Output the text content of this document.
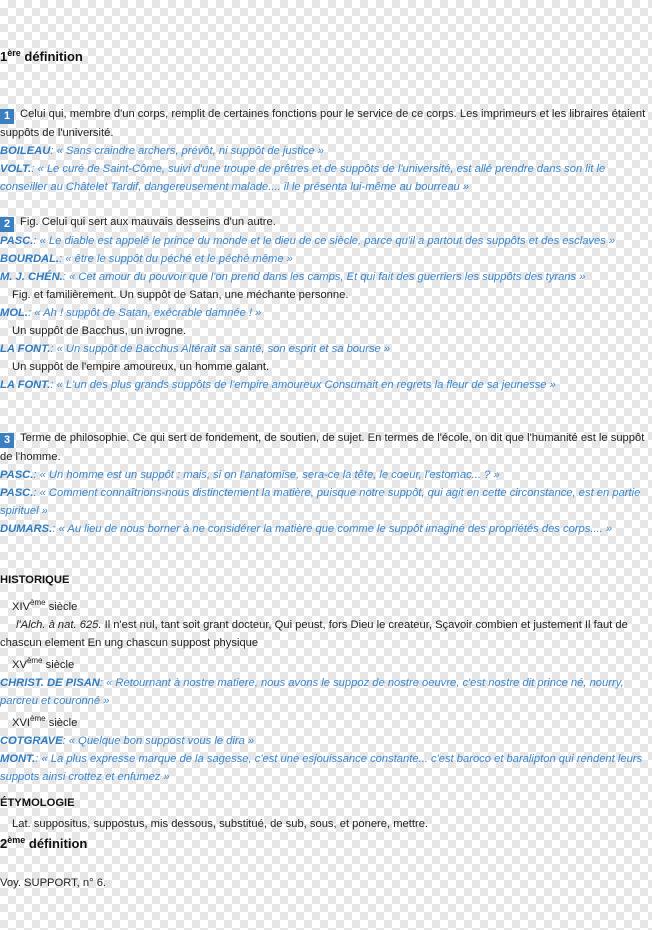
1ère définition
1 Celui qui, membre d'un corps, remplit de certaines fonctions pour le service de ce corps. Les imprimeurs et les libraires étaient suppôts de l'université.
BOILEAU: « Sans craindre archers, prévôt, ni suppôt de justice »
VOLT.: « Le curé de Saint-Côme, suivi d'une troupe de prêtres et de suppôts de l'université, est allé prendre dans son lit le conseiller au Châtelet Tardif, dangereusement malade.... il le présenta lui-même au bourreau »
2 Fig. Celui qui sert aux mauvais desseins d'un autre.
PASC.: « Le diable est appelé le prince du monde et le dieu de ce siècle, parce qu'il a partout des suppôts et des esclaves »
BOURDAL.: « être le suppôt du péché et le péché même »
M. J. CHÉN.: « Cet amour du pouvoir que l'on prend dans les camps, Et qui fait des guerriers les suppôts des tyrans »
Fig. et familièrement. Un suppôt de Satan, une méchante personne.
MOL.: « Ah ! suppôt de Satan, exécrable damnée ! »
Un suppôt de Bacchus, un ivrogne.
LA FONT.: « Un suppôt de Bacchus Altérait sa santé, son esprit et sa bourse »
Un suppôt de l'empire amoureux, un homme galant.
LA FONT.: « L'un des plus grands suppôts de l'empire amoureux Consumait en regrets la fleur de sa jeunesse »
3 Terme de philosophie. Ce qui sert de fondement, de soutien, de sujet. En termes de l'école, on dit que l'humanité est le suppôt de l'homme.
PASC.: « Un homme est un suppôt : mais, si on l'anatomise, sera-ce la tête, le coeur, l'estomac... ? »
PASC.: « Comment connaîtrions-nous distinctement la matière, puisque notre suppôt, qui agit en cette circonstance, est en partie spirituel »
DUMARS.: « Au lieu de nous borner à ne considérer la matière que comme le suppôt imaginé des propriétés des corps.... »
HISTORIQUE
XIVème siècle
l'Alch. à nat. 625. Il n'est nul, tant soit grant docteur, Qui peust, fors Dieu le createur, Sçavoir combien et justement Il faut de chascun element En ung chascun suppost physique
XVème siècle
CHRIST. DE PISAN: « Retournant à nostre matiere, nous avons le suppoz de nostre oeuvre, c'est nostre dit prince né, nourry, parcreu et couronné »
XVIème siècle
COTGRAVE: « Quelque bon suppost vous le dira »
MONT.: « La plus expresse marque de la sagesse, c'est une esjouissance constante... c'est baroco et baralipton qui rendent leurs suppots ainsi crottez et enfumez »
ÉTYMOLOGIE
Lat. suppositus, suppostus, mis dessous, substitué, de sub, sous, et ponere, mettre.
2ème définition
Voy. SUPPORT, n° 6.
